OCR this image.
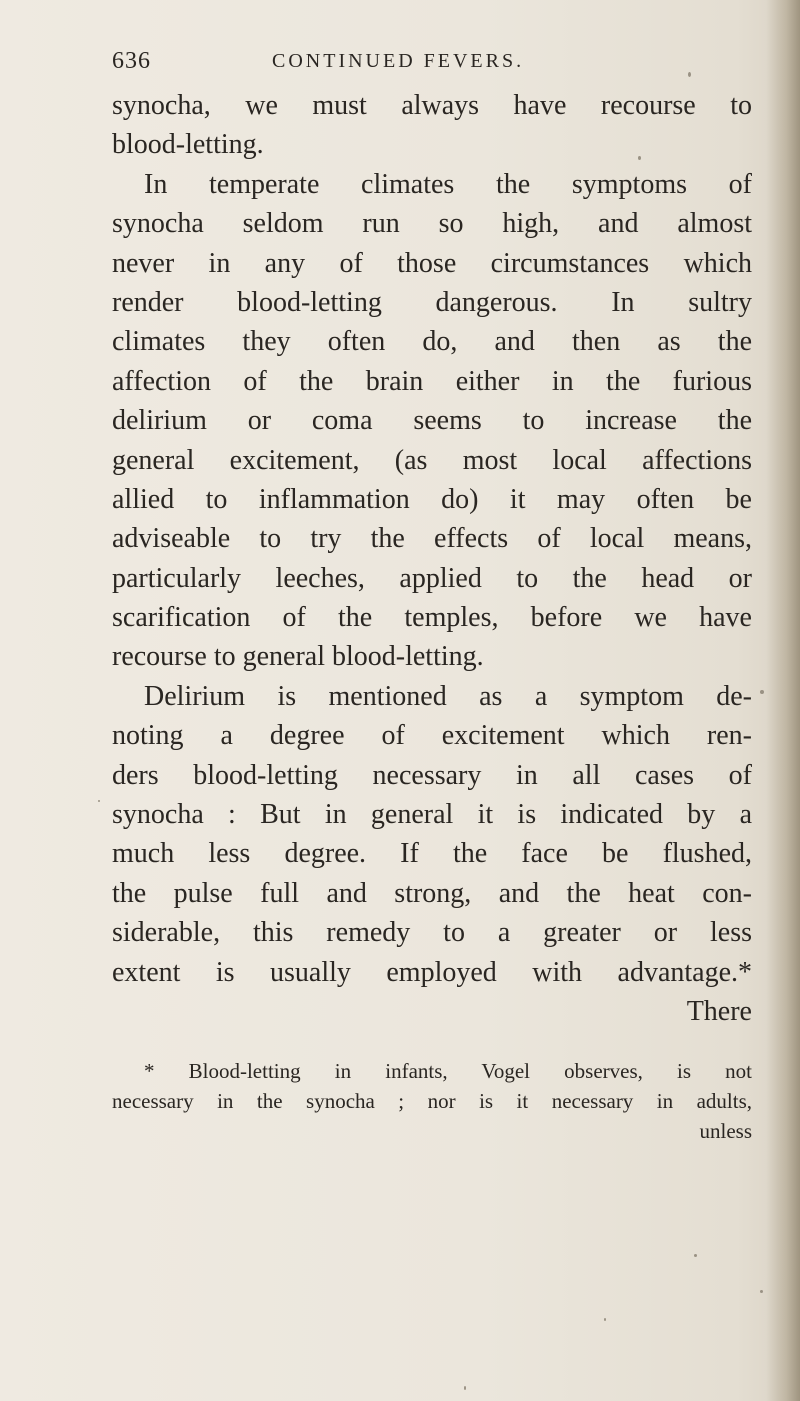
636	CONTINUED FEVERS.
synocha, we must always have recourse to
blood-letting.
In temperate climates the symptoms of
synocha seldom run so high, and almost
never in any of those circumstances which
render blood-letting dangerous. In sultry
climates they often do, and then as the
affection of the brain either in the furious
delirium or coma seems to increase the
general excitement, (as most local affections
allied to inflammation do) it may often be
adviseable to try the effects of local means,
particularly leeches, applied to the head or
scarification of the temples, before we have
recourse to general blood-letting.
Delirium is mentioned as a symptom de-
noting a degree of excitement which ren-
ders blood-letting necessary in all cases of
synocha : But in general it is indicated by a
much less degree. If the face be flushed,
the pulse full and strong, and the heat con-
siderable, this remedy to a greater or less
extent is usually employed with advantage.*
There
* Blood-letting in infants, Vogel observes, is not
necessary in the synocha ; nor is it necessary in adults,
unless
